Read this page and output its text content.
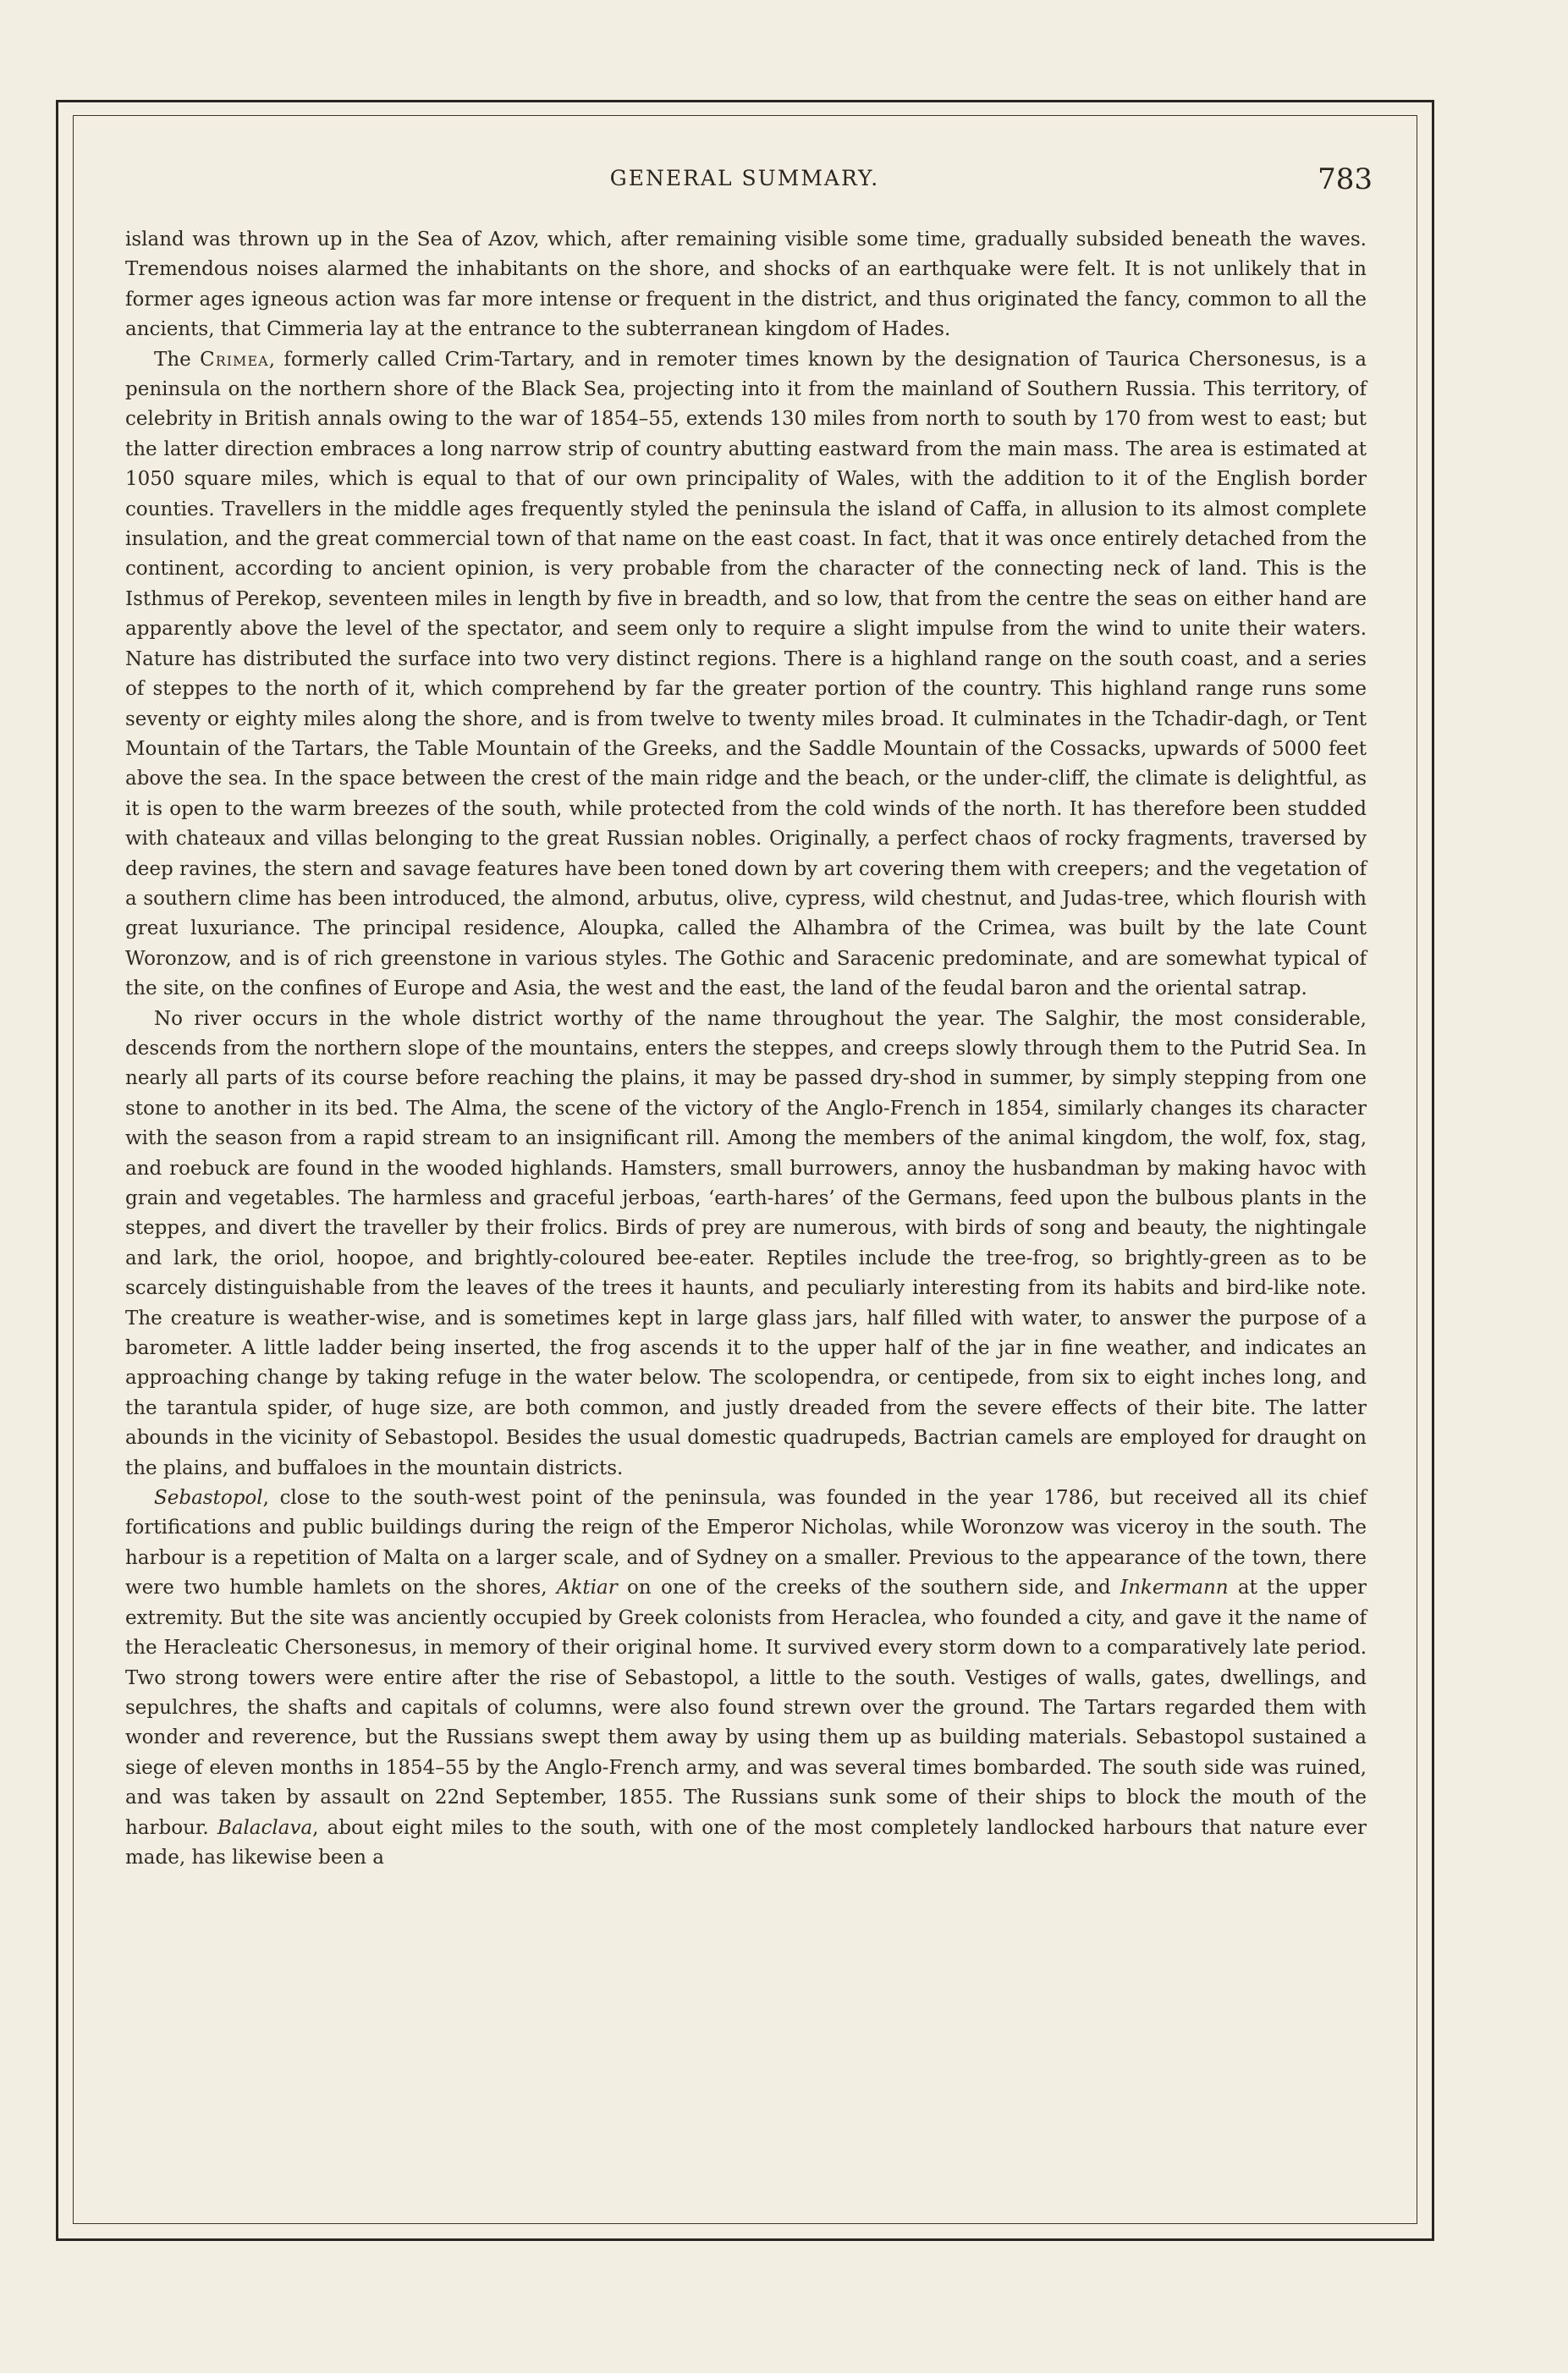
GENERAL SUMMARY.	783

island was thrown up in the Sea of Azov, which, after remaining visible some time, gradually subsided beneath the waves. Tremendous noises alarmed the inhabitants on the shore, and shocks of an earthquake were felt. It is not unlikely that in former ages igneous action was far more intense or frequent in the district, and thus originated the fancy, common to all the ancients, that Cimmeria lay at the entrance to the subterranean kingdom of Hades.

The Crimea, formerly called Crim-Tartary, and in remoter times known by the designation of Taurica Chersonesus, is a peninsula on the northern shore of the Black Sea, projecting into it from the mainland of Southern Russia. This territory, of celebrity in British annals owing to the war of 1854–55, extends 130 miles from north to south by 170 from west to east; but the latter direction embraces a long narrow strip of country abutting eastward from the main mass. The area is estimated at 1050 square miles, which is equal to that of our own principality of Wales, with the addition to it of the English border counties. Travellers in the middle ages frequently styled the peninsula the island of Caffa, in allusion to its almost complete insulation, and the great commercial town of that name on the east coast. In fact, that it was once entirely detached from the continent, according to ancient opinion, is very probable from the character of the connecting neck of land. This is the Isthmus of Perekop, seventeen miles in length by five in breadth, and so low, that from the centre the seas on either hand are apparently above the level of the spectator, and seem only to require a slight impulse from the wind to unite their waters. Nature has distributed the surface into two very distinct regions. There is a highland range on the south coast, and a series of steppes to the north of it, which comprehend by far the greater portion of the country. This highland range runs some seventy or eighty miles along the shore, and is from twelve to twenty miles broad. It culminates in the Tchadir-dagh, or Tent Mountain of the Tartars, the Table Mountain of the Greeks, and the Saddle Mountain of the Cossacks, upwards of 5000 feet above the sea. In the space between the crest of the main ridge and the beach, or the under-cliff, the climate is delightful, as it is open to the warm breezes of the south, while protected from the cold winds of the north. It has therefore been studded with chateaux and villas belonging to the great Russian nobles. Originally, a perfect chaos of rocky fragments, traversed by deep ravines, the stern and savage features have been toned down by art covering them with creepers; and the vegetation of a southern clime has been introduced, the almond, arbutus, olive, cypress, wild chestnut, and Judas-tree, which flourish with great luxuriance. The principal residence, Aloupka, called the Alhambra of the Crimea, was built by the late Count Woronzow, and is of rich greenstone in various styles. The Gothic and Saracenic predominate, and are somewhat typical of the site, on the confines of Europe and Asia, the west and the east, the land of the feudal baron and the oriental satrap.

No river occurs in the whole district worthy of the name throughout the year. The Salghir, the most considerable, descends from the northern slope of the mountains, enters the steppes, and creeps slowly through them to the Putrid Sea. In nearly all parts of its course before reaching the plains, it may be passed dry-shod in summer, by simply stepping from one stone to another in its bed. The Alma, the scene of the victory of the Anglo-French in 1854, similarly changes its character with the season from a rapid stream to an insignificant rill. Among the members of the animal kingdom, the wolf, fox, stag, and roebuck are found in the wooded highlands. Hamsters, small burrowers, annoy the husbandman by making havoc with grain and vegetables. The harmless and graceful jerboas, ‘earth-hares’ of the Germans, feed upon the bulbous plants in the steppes, and divert the traveller by their frolics. Birds of prey are numerous, with birds of song and beauty, the nightingale and lark, the oriol, hoopoe, and brightly-coloured bee-eater. Reptiles include the tree-frog, so brightly-green as to be scarcely distinguishable from the leaves of the trees it haunts, and peculiarly interesting from its habits and bird-like note. The creature is weather-wise, and is sometimes kept in large glass jars, half filled with water, to answer the purpose of a barometer. A little ladder being inserted, the frog ascends it to the upper half of the jar in fine weather, and indicates an approaching change by taking refuge in the water below. The scolopendra, or centipede, from six to eight inches long, and the tarantula spider, of huge size, are both common, and justly dreaded from the severe effects of their bite. The latter abounds in the vicinity of Sebastopol. Besides the usual domestic quadrupeds, Bactrian camels are employed for draught on the plains, and buffaloes in the mountain districts.

Sebastopol, close to the south-west point of the peninsula, was founded in the year 1786, but received all its chief fortifications and public buildings during the reign of the Emperor Nicholas, while Woronzow was viceroy in the south. The harbour is a repetition of Malta on a larger scale, and of Sydney on a smaller. Previous to the appearance of the town, there were two humble hamlets on the shores, Aktiar on one of the creeks of the southern side, and Inkermann at the upper extremity. But the site was anciently occupied by Greek colonists from Heraclea, who founded a city, and gave it the name of the Heracleatic Chersonesus, in memory of their original home. It survived every storm down to a comparatively late period. Two strong towers were entire after the rise of Sebastopol, a little to the south. Vestiges of walls, gates, dwellings, and sepulchres, the shafts and capitals of columns, were also found strewn over the ground. The Tartars regarded them with wonder and reverence, but the Russians swept them away by using them up as building materials. Sebastopol sustained a siege of eleven months in 1854–55 by the Anglo-French army, and was several times bombarded. The south side was ruined, and was taken by assault on 22nd September, 1855. The Russians sunk some of their ships to block the mouth of the harbour. Balaclava, about eight miles to the south, with one of the most completely landlocked harbours that nature ever made, has likewise been a
